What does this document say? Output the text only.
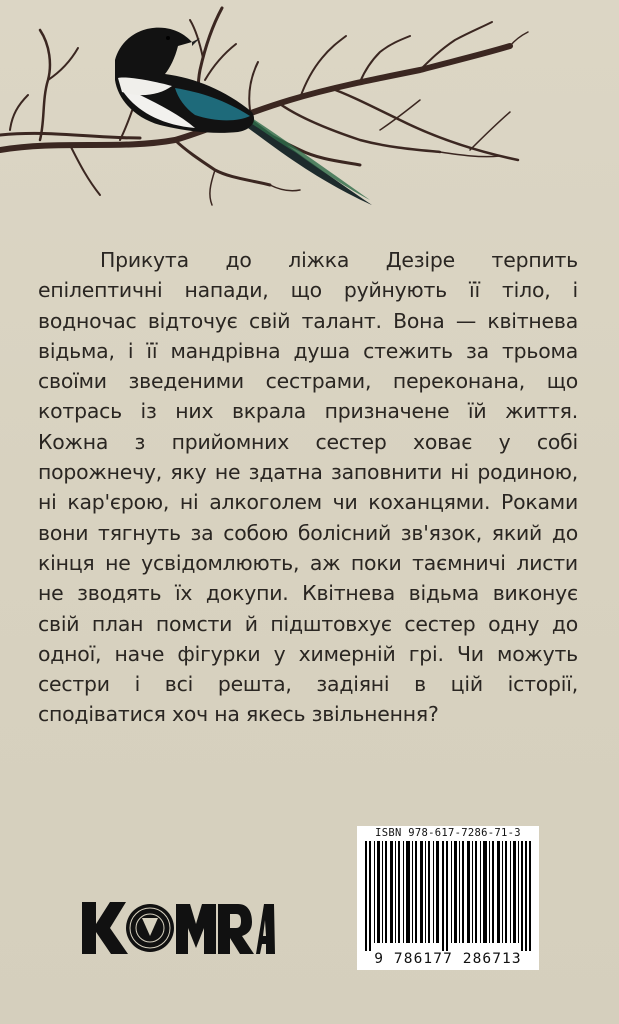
Прикута до ліжка Дезіре терпить епілептичні напади, що руйнують її тіло, і водночас відточує свій талант. Вона — квітнева відьма, і її мандрівна душа стежить за трьома своїми зведеними сестрами, переконана, що котрась із них вкрала призначене їй життя. Кожна з прийомних сестер ховає у собі порожнечу, яку не здатна заповнити ні родиною, ні кар'єрою, ні алкоголем чи коханцями. Роками вони тягнуть за собою болісний зв'язок, який до кінця не усвідомлюють, аж поки таємничі листи не зводять їх докупи. Квітнева відьма виконує свій план помсти й підштовхує сестер одну до одної, наче фігурки у химерній грі. Чи можуть сестри і всі решта, задіяні в цій історії, сподіватися хоч на якесь звільнення?

ISBN 978-617-7286-71-3
9 786177 286713
